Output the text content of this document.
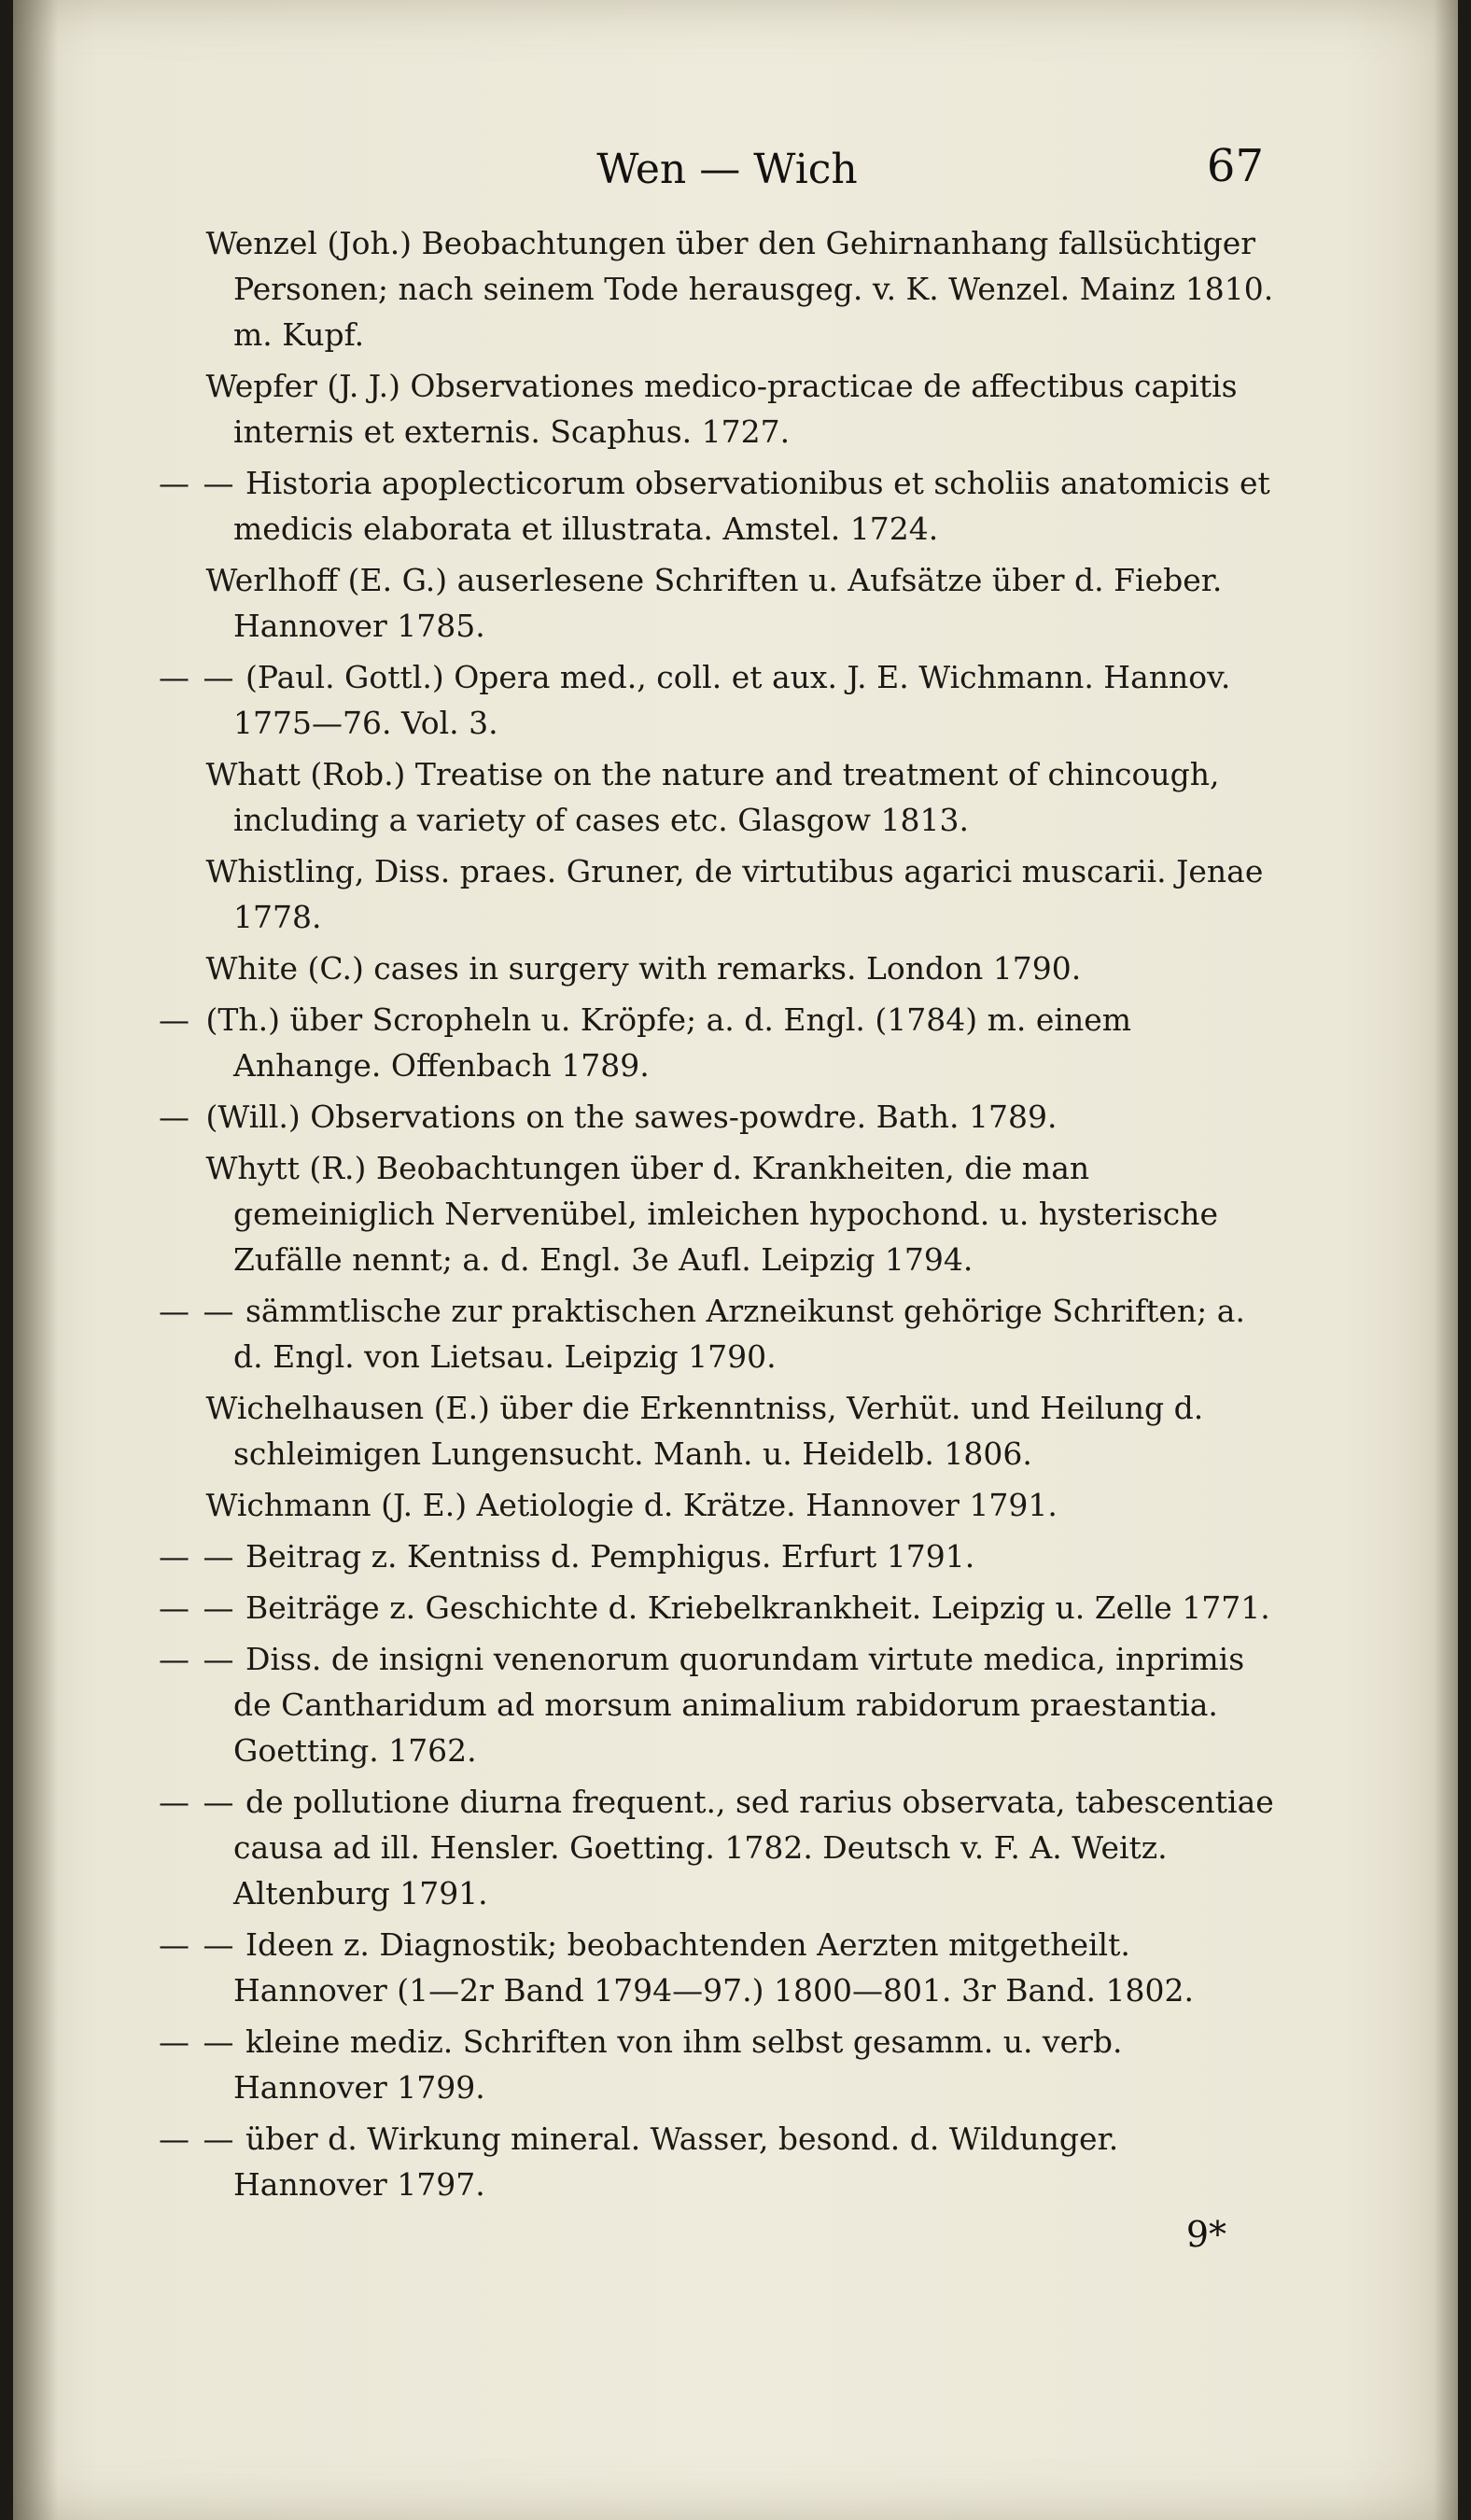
Wen — Wich	67
Wenzel (Joh.) Beobachtungen über den Gehirnanhang fallsüchtiger Personen; nach seinem Tode herausgeg. v. K. Wenzel. Mainz 1810. m. Kupf.
Wepfer (J. J.) Observationes medico-practicae de affectibus capitis internis et externis. Scaphus. 1727.
— — Historia apoplecticorum observationibus et scholiis anatomicis et medicis elaborata et illustrata. Amstel. 1724.
Werlhoff (E. G.) auserlesene Schriften u. Aufsätze über d. Fieber. Hannover 1785.
— — (Paul. Gottl.) Opera med., coll. et aux. J. E. Wichmann. Hannov. 1775—76. Vol. 3.
Whatt (Rob.) Treatise on the nature and treatment of chincough, including a variety of cases etc. Glasgow 1813.
Whistling, Diss. praes. Gruner, de virtutibus agarici muscarii. Jenae 1778.
White (C.) cases in surgery with remarks. London 1790.
— (Th.) über Scropheln u. Kröpfe; a. d. Engl. (1784) m. einem Anhange. Offenbach 1789.
— (Will.) Observations on the sawes-powdre. Bath. 1789.
Whytt (R.) Beobachtungen über d. Krankheiten, die man gemeiniglich Nervenübel, imleichen hypochond. u. hysterische Zufälle nennt; a. d. Engl. 3e Aufl. Leipzig 1794.
— — sämmtlische zur praktischen Arzneikunst gehörige Schriften; a. d. Engl. von Lietsau. Leipzig 1790.
Wichelhausen (E.) über die Erkenntniss, Verhüt. und Heilung d. schleimigen Lungensucht. Manh. u. Heidelb. 1806.
Wichmann (J. E.) Aetiologie d. Krätze. Hannover 1791.
— — Beitrag z. Kentniss d. Pemphigus. Erfurt 1791.
— — Beiträge z. Geschichte d. Kriebelkrankheit. Leipzig u. Zelle 1771.
— — Diss. de insigni venenorum quorundam virtute medica, inprimis de Cantharidum ad morsum animalium rabidorum praestantia. Goetting. 1762.
— — de pollutione diurna frequent., sed rarius observata, tabescentiae causa ad ill. Hensler. Goetting. 1782. Deutsch v. F. A. Weitz. Altenburg 1791.
— — Ideen z. Diagnostik; beobachtenden Aerzten mitgetheilt. Hannover (1—2r Band 1794—97.) 1800—801. 3r Band. 1802.
— — kleine mediz. Schriften von ihm selbst gesamm. u. verb. Hannover 1799.
— — über d. Wirkung mineral. Wasser, besond. d. Wildunger. Hannover 1797.
9*
